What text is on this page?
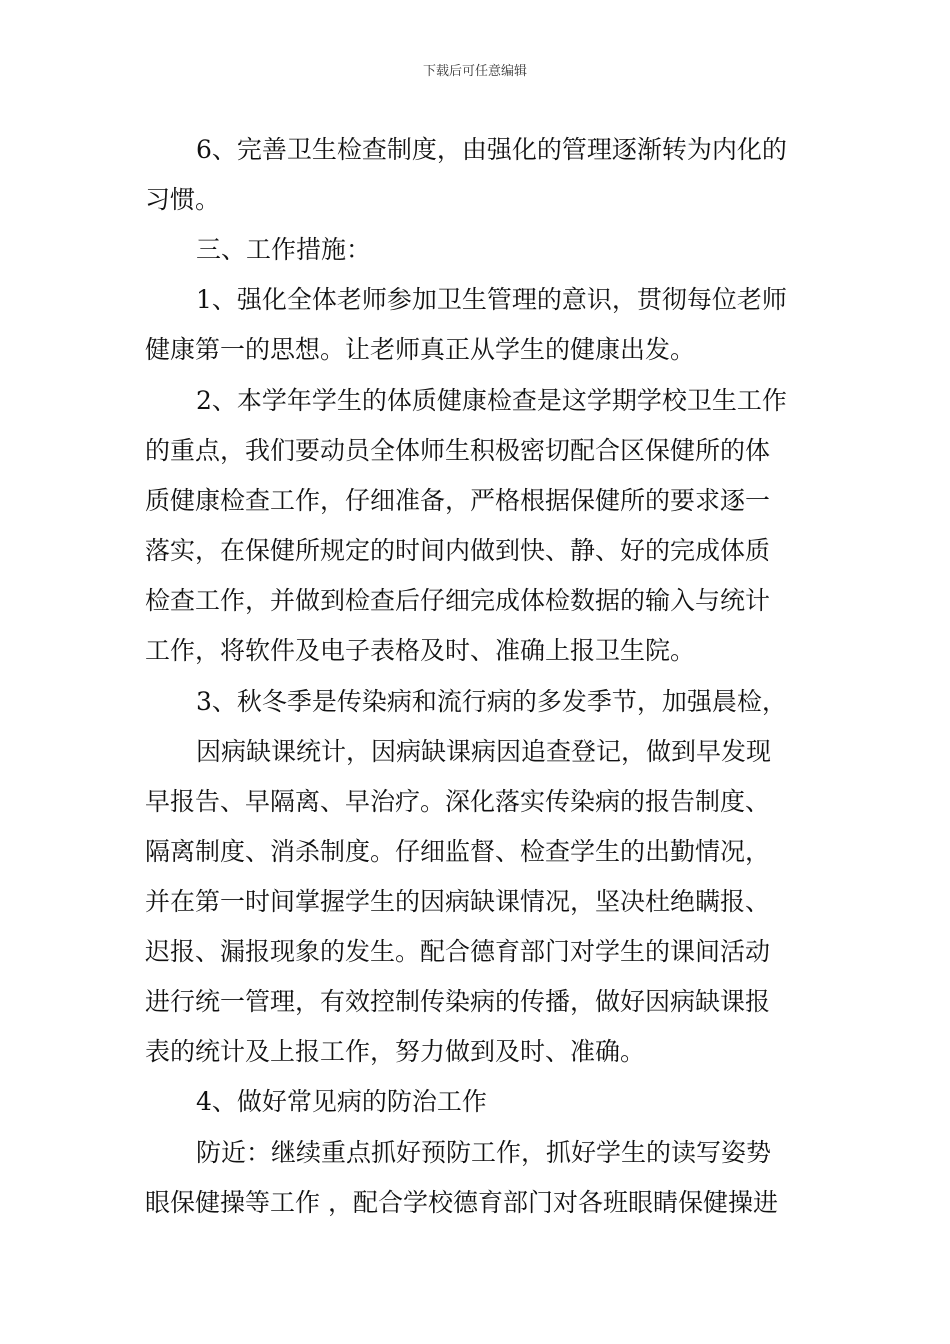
下载后可任意编辑
6、完善卫生检查制度，由强化的管理逐渐转为内化的
习惯。
三、工作措施：
1、强化全体老师参加卫生管理的意识，贯彻每位老师
健康第一的思想。让老师真正从学生的健康出发。
2、本学年学生的体质健康检查是这学期学校卫生工作
的重点，我们要动员全体师生积极密切配合区保健所的体
质健康检查工作，仔细准备，严格根据保健所的要求逐一
落实，在保健所规定的时间内做到快、静、好的完成体质
检查工作，并做到检查后仔细完成体检数据的输入与统计
工作，将软件及电子表格及时、准确上报卫生院。
3、秋冬季是传染病和流行病的多发季节，加强晨检，
因病缺课统计，因病缺课病因追查登记，做到早发现
早报告、早隔离、早治疗。深化落实传染病的报告制度、
隔离制度、消杀制度。仔细监督、检查学生的出勤情况，
并在第一时间掌握学生的因病缺课情况，坚决杜绝瞒报、
迟报、漏报现象的发生。配合德育部门对学生的课间活动
进行统一管理，有效控制传染病的传播，做好因病缺课报
表的统计及上报工作，努力做到及时、准确。
4、做好常见病的防治工作
防近：继续重点抓好预防工作，抓好学生的读写姿势
眼保健操等工作 ，配合学校德育部门对各班眼睛保健操进
